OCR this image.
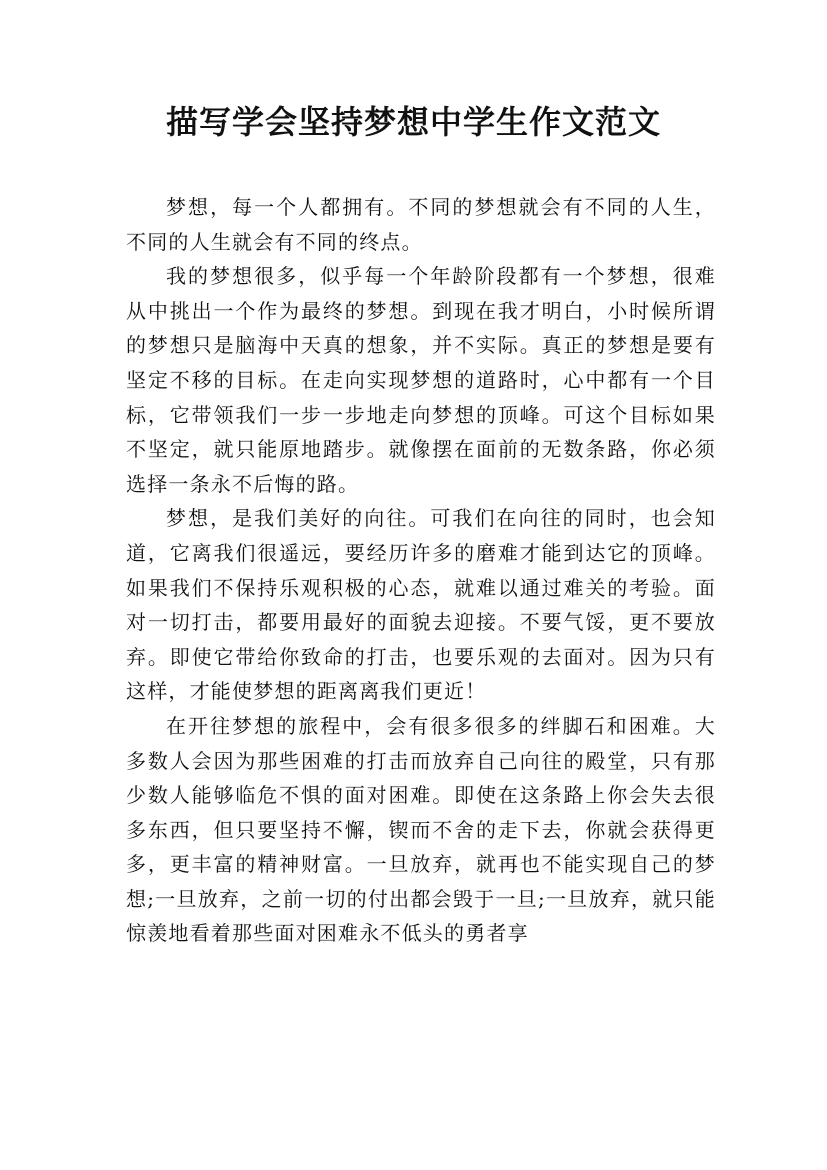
描写学会坚持梦想中学生作文范文

梦想，每一个人都拥有。不同的梦想就会有不同的人生，不同的人生就会有不同的终点。

我的梦想很多，似乎每一个年龄阶段都有一个梦想，很难从中挑出一个作为最终的梦想。到现在我才明白，小时候所谓的梦想只是脑海中天真的想象，并不实际。真正的梦想是要有坚定不移的目标。在走向实现梦想的道路时，心中都有一个目标，它带领我们一步一步地走向梦想的顶峰。可这个目标如果不坚定，就只能原地踏步。就像摆在面前的无数条路，你必须选择一条永不后悔的路。

梦想，是我们美好的向往。可我们在向往的同时，也会知道，它离我们很遥远，要经历许多的磨难才能到达它的顶峰。如果我们不保持乐观积极的心态，就难以通过难关的考验。面对一切打击，都要用最好的面貌去迎接。不要气馁，更不要放弃。即使它带给你致命的打击，也要乐观的去面对。因为只有这样，才能使梦想的距离离我们更近！

在开往梦想的旅程中，会有很多很多的绊脚石和困难。大多数人会因为那些困难的打击而放弃自己向往的殿堂，只有那少数人能够临危不惧的面对困难。即使在这条路上你会失去很多东西，但只要坚持不懈，锲而不舍的走下去，你就会获得更多，更丰富的精神财富。一旦放弃，就再也不能实现自己的梦想;一旦放弃，之前一切的付出都会毁于一旦;一旦放弃，就只能惊羡地看着那些面对困难永不低头的勇者享
